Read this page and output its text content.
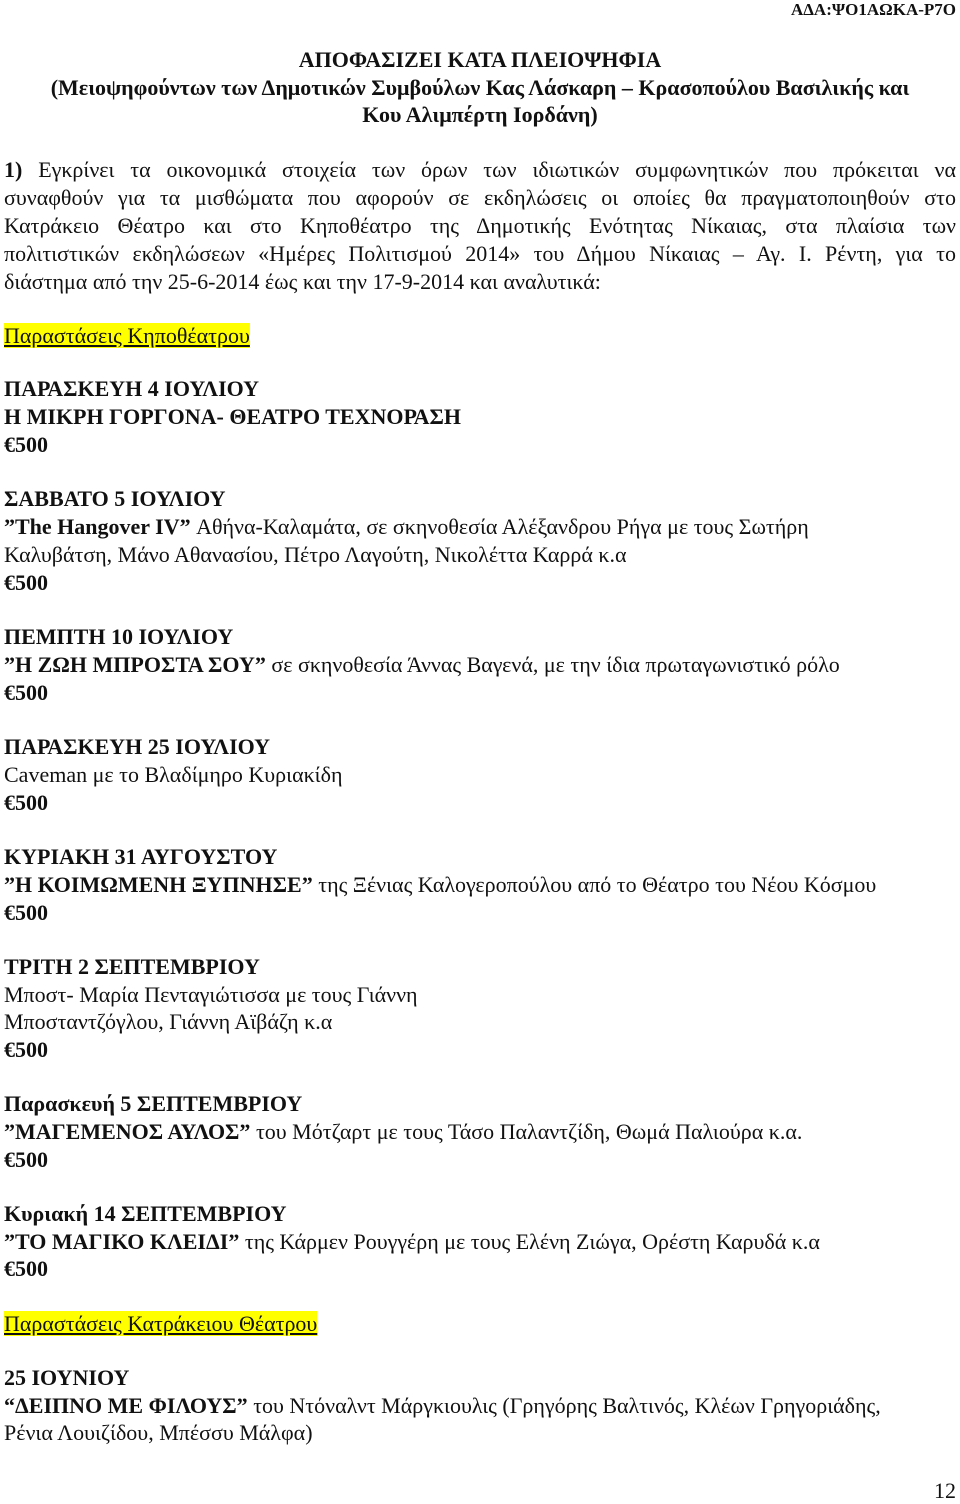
ΑΔΑ:ΨΟ1ΑΩΚΑ-Ρ7Ο
ΑΠΟΦΑΣΙΖΕΙ ΚΑΤΑ ΠΛΕΙΟΨΗΦΙΑ
(Μειοψηφούντων των Δημοτικών Συμβούλων Κας Λάσκαρη – Κρασοπούλου Βασιλικής και
Κου Αλιμπέρτη Ιορδάνη)
1) Εγκρίνει τα οικονομικά στοιχεία των όρων των ιδιωτικών συμφωνητικών που πρόκειται να
συναφθούν για τα μισθώματα που αφορούν σε εκδηλώσεις οι οποίες θα πραγματοποιηθούν στο
Κατράκειο Θέατρο και στο Κηποθέατρο της Δημοτικής Ενότητας Νίκαιας, στα πλαίσια των
πολιτιστικών εκδηλώσεων «Ημέρες Πολιτισμού 2014» του Δήμου Νίκαιας – Αγ. Ι. Ρέντη, για το
διάστημα από την 25-6-2014 έως και την 17-9-2014 και αναλυτικά:
Παραστάσεις Κηποθέατρου
ΠΑΡΑΣΚΕΥΗ 4 ΙΟΥΛΙΟΥ
Η ΜΙΚΡΗ ΓΟΡΓΟΝΑ- ΘΕΑΤΡΟ ΤΕΧΝΟΡΑΣΗ
€500
ΣΑΒΒΑΤΟ 5 ΙΟΥΛΙΟΥ
”The Hangover IV” Αθήνα-Καλαμάτα, σε σκηνοθεσία Αλέξανδρου Ρήγα με τους Σωτήρη
Καλυβάτση, Μάνο Αθανασίου, Πέτρο Λαγούτη, Νικολέττα Καρρά κ.α
€500
ΠΕΜΠΤΗ 10 ΙΟΥΛΙΟΥ
”Η ΖΩΗ ΜΠΡΟΣΤΑ ΣΟΥ” σε σκηνοθεσία Άννας Βαγενά, με την ίδια πρωταγωνιστικό ρόλο
€500
ΠΑΡΑΣΚΕΥΗ 25 ΙΟΥΛΙΟΥ
Caveman με το Βλαδίμηρο Κυριακίδη
€500
ΚΥΡΙΑΚΗ 31 ΑΥΓΟΥΣΤΟΥ
”Η ΚΟΙΜΩΜΕΝΗ ΞΥΠΝΗΣΕ” της Ξένιας Καλογεροπούλου από το Θέατρο του Νέου Κόσμου
€500
ΤΡΙΤΗ 2 ΣΕΠΤΕΜΒΡΙΟΥ
Μποστ- Μαρία Πενταγιώτισσα με τους Γιάννη
Μποσταντζόγλου, Γιάννη Αϊβάζη κ.α
€500
Παρασκευή 5 ΣΕΠΤΕΜΒΡΙΟΥ
”ΜΑΓΕΜΕΝΟΣ ΑΥΛΟΣ” του Μότζαρτ με τους Τάσο Παλαντζίδη, Θωμά Παλιούρα κ.α.
€500
Κυριακή 14 ΣΕΠΤΕΜΒΡΙΟΥ
”ΤΟ ΜΑΓΙΚΟ ΚΛΕΙΔΙ” της Κάρμεν Ρουγγέρη με τους Ελένη Ζιώγα, Ορέστη Καρυδά κ.α
€500
Παραστάσεις Κατράκειου Θέατρου
25 ΙΟΥΝΙΟΥ
“ΔΕΙΠΝΟ ΜΕ ΦΙΛΟΥΣ” του Ντόναλντ Μάργκιουλις (Γρηγόρης Βαλτινός, Κλέων Γρηγοριάδης,
Ρένια Λουιζίδου, Μπέσσυ Μάλφα)
12
